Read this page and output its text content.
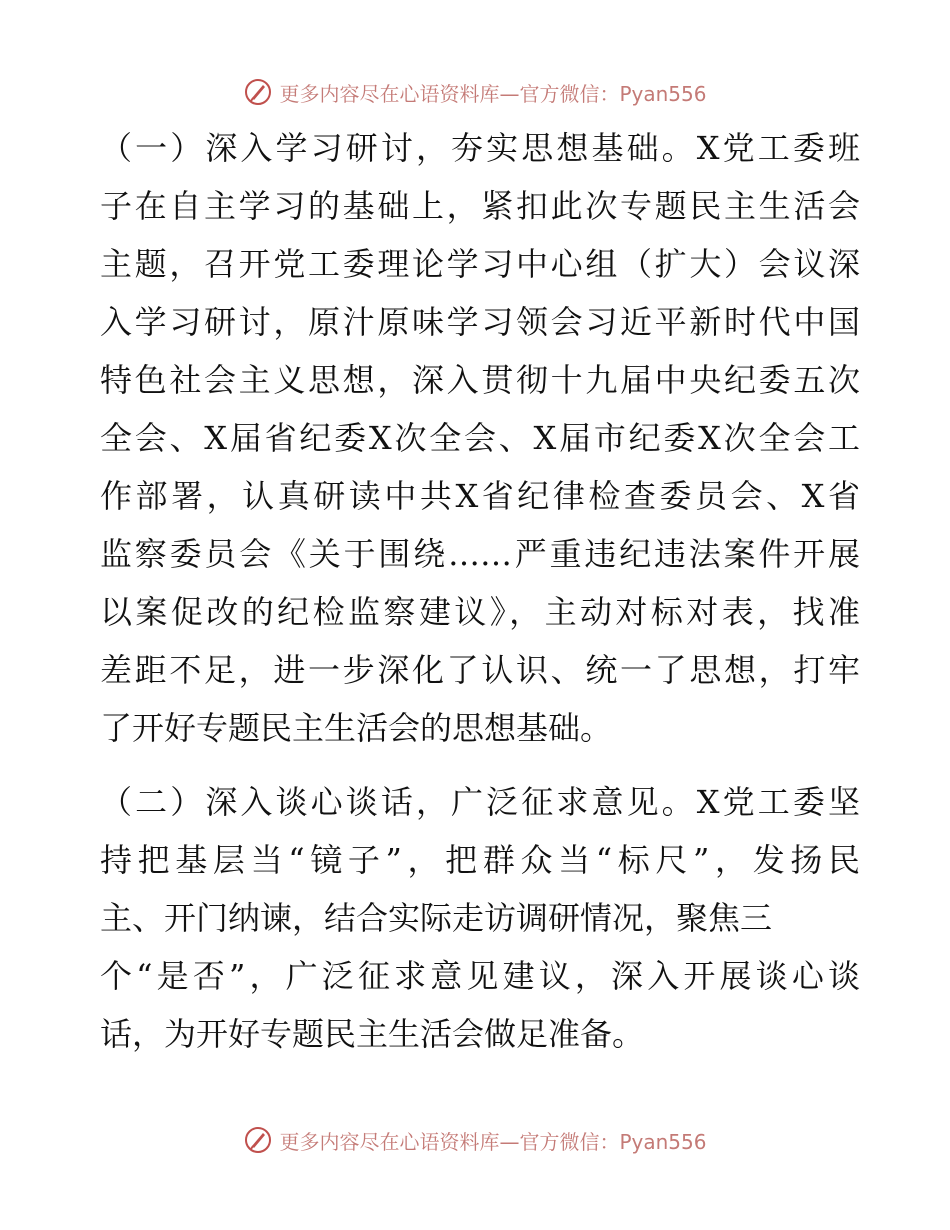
更多内容尽在心语资料库—官方微信：Pyan556
（一）深入学习研讨，夯实思想基础。X党工委班
子在自主学习的基础上，紧扣此次专题民主生活会
主题，召开党工委理论学习中心组（扩大）会议深
入学习研讨，原汁原味学习领会习近平新时代中国
特色社会主义思想，深入贯彻十九届中央纪委五次
全会、X届省纪委X次全会、X届市纪委X次全会工
作部署，认真研读中共X省纪律检查委员会、X省
监察委员会《关于围绕……严重违纪违法案件开展
以案促改的纪检监察建议》，主动对标对表，找准
差距不足，进一步深化了认识、统一了思想，打牢
了开好专题民主生活会的思想基础。
（二）深入谈心谈话，广泛征求意见。X党工委坚
持把基层当“镜子”，把群众当“标尺”，发扬民
主、开门纳谏，结合实际走访调研情况，聚焦三
个“是否”，广泛征求意见建议，深入开展谈心谈
话，为开好专题民主生活会做足准备。
更多内容尽在心语资料库—官方微信：Pyan556
